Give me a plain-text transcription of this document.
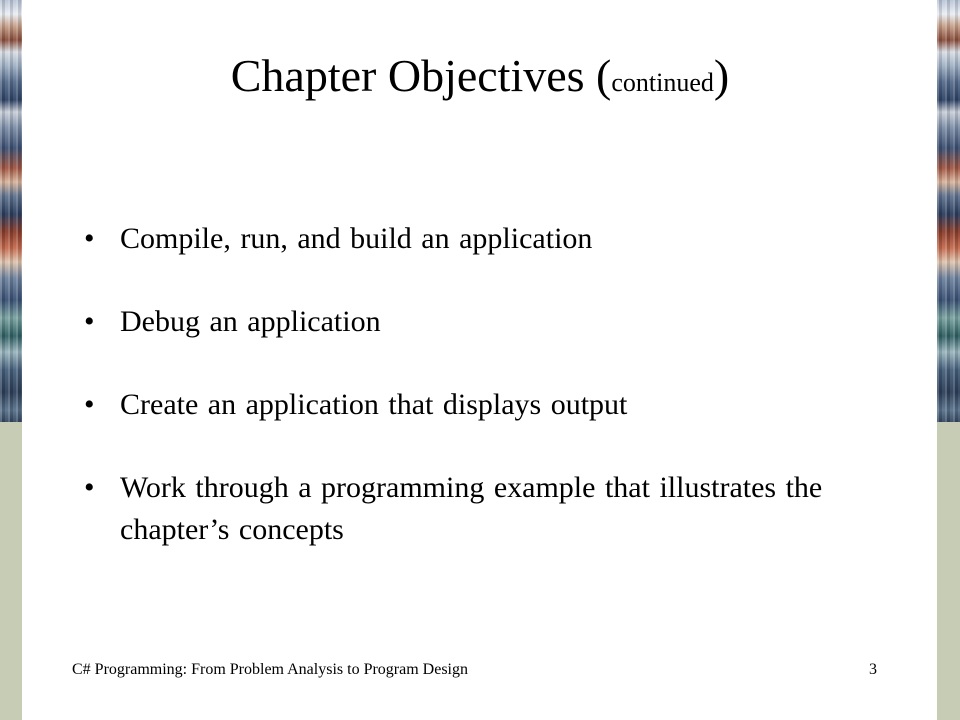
Chapter Objectives (continued)
• Compile, run, and build an application
• Debug an application
• Create an application that displays output
• Work through a programming example that illustrates the chapter’s concepts
C# Programming: From Problem Analysis to Program Design	3
